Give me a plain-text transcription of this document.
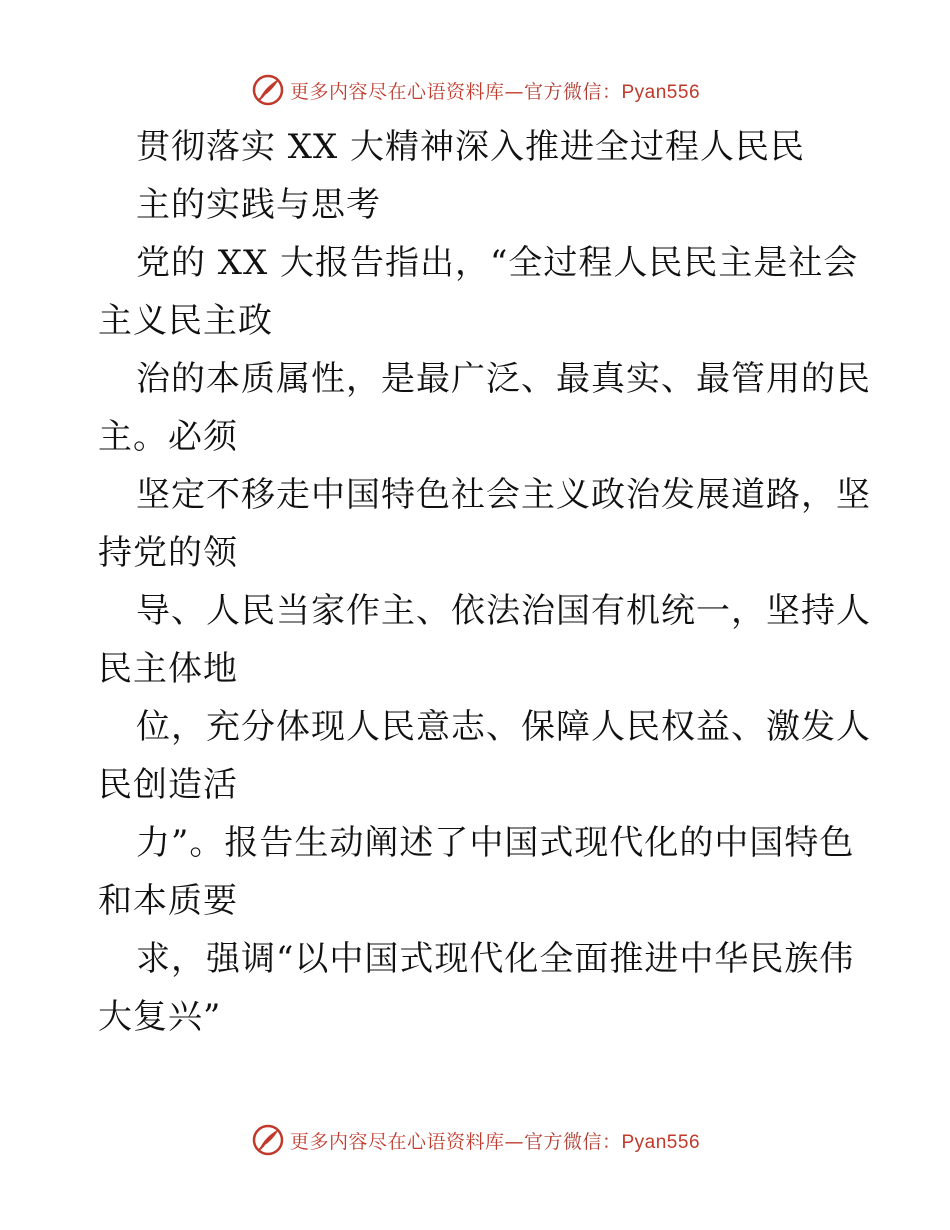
更多内容尽在心语资料库—官方微信：Pyan556
贯彻落实 XX 大精神深入推进全过程人民民
主的实践与思考
党的 XX 大报告指出，“全过程人民民主是社会
主义民主政
治的本质属性，是最广泛、最真实、最管用的民
主。必须
坚定不移走中国特色社会主义政治发展道路，坚
持党的领
导、人民当家作主、依法治国有机统一，坚持人
民主体地
位，充分体现人民意志、保障人民权益、激发人
民创造活
力”。报告生动阐述了中国式现代化的中国特色
和本质要
求，强调“以中国式现代化全面推进中华民族伟
大复兴”
更多内容尽在心语资料库—官方微信：Pyan556
